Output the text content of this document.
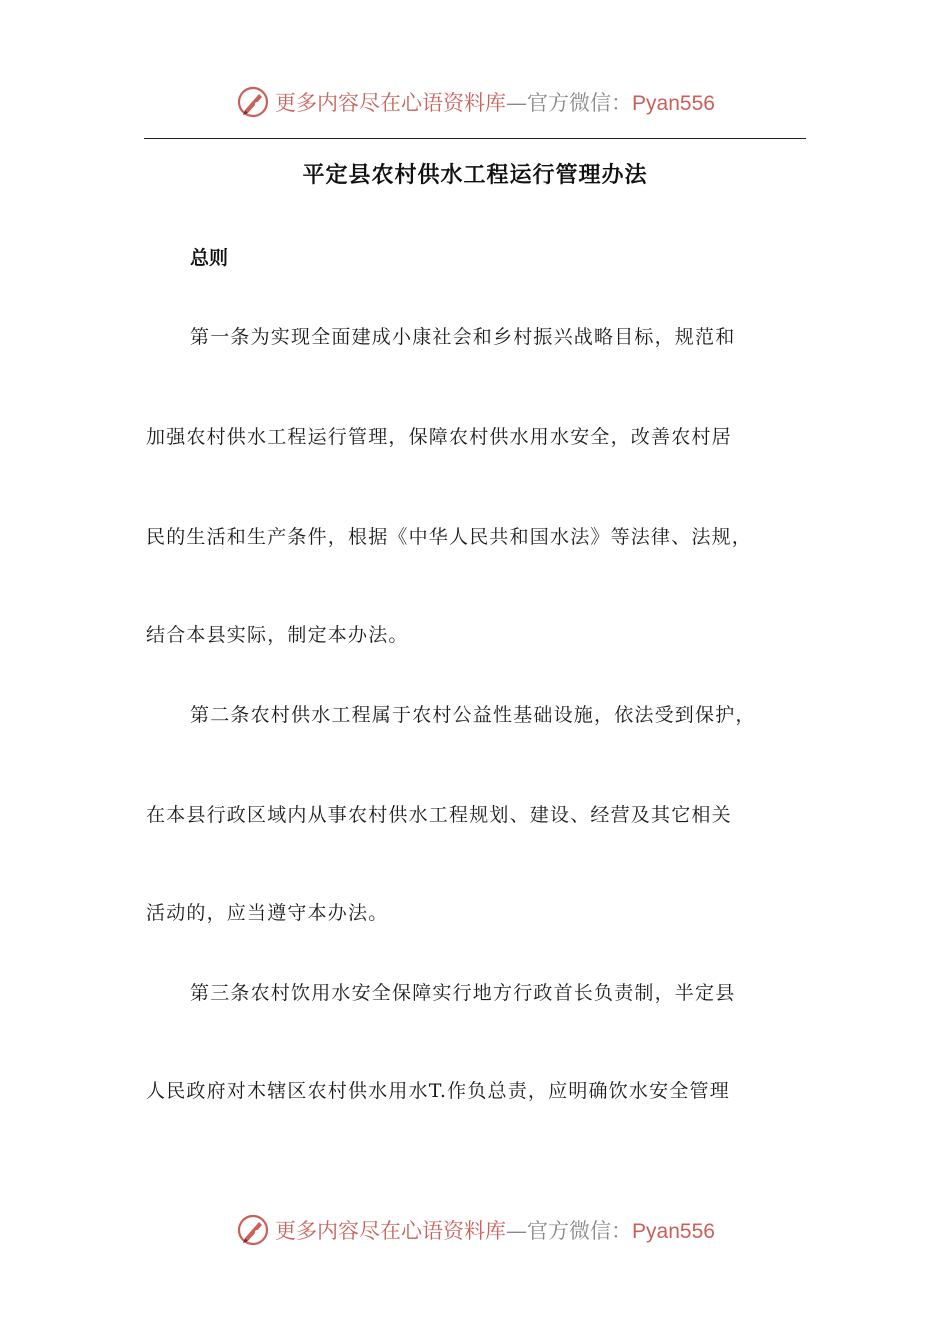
更多内容尽在心语资料库—官方微信：Pyan556
平定县农村供水工程运行管理办法
总则
第一条为实现全面建成小康社会和乡村振兴战略目标，规范和
加强农村供水工程运行管理，保障农村供水用水安全，改善农村居
民的生活和生产条件，根据《中华人民共和国水法》等法律、法规，
结合本县实际，制定本办法。
第二条农村供水工程属于农村公益性基础设施，依法受到保护，
在本县行政区域内从事农村供水工程规划、建设、经营及其它相关
活动的，应当遵守本办法。
第三条农村饮用水安全保障实行地方行政首长负责制，半定县
人民政府对木辖区农村供水用水T.作负总责，应明确饮水安全管理
更多内容尽在心语资料库—官方微信：Pyan556
